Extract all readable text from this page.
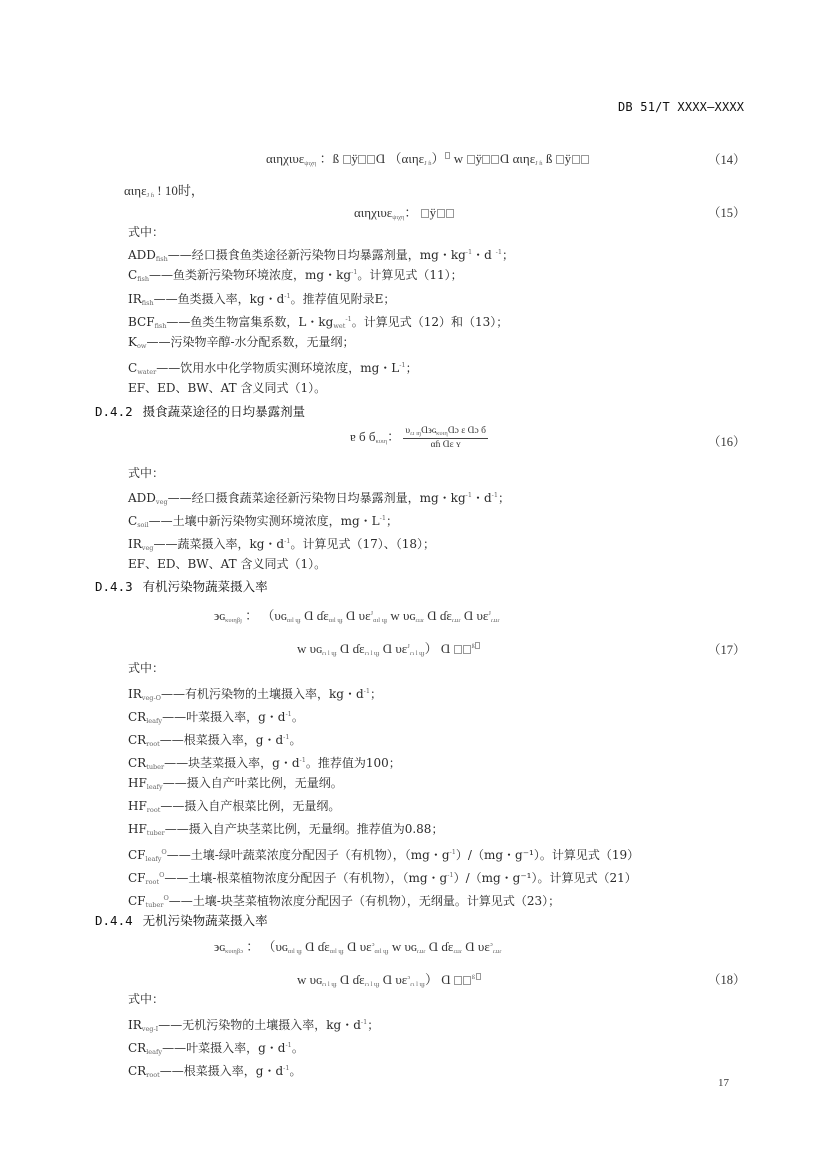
DB 51/T XXXX—XXXX
αιηχιυε$_{\psi\iota\chi\eta}$ ：ß ÿ Ɑ （αιηε$_{J ɦ}$） w ÿ Ɑ αιηε$_{J ɦ}$ ß ÿ	（14）
αιηε$_{J ɦ}$ ! 10时，
αιηχιυε$_{\psi\iota\chi\eta}$： ÿ	（15）
式中：
$ADD_{fish}——$经口摄食鱼类途径新污染物日均暴露剂量，mg・$kg^{-1}$・d $^{-1}$；
$C_{fish}——$鱼类新污染物环境浓度，mg・$kg^{-1}$。计算见式（11）；
$IR_{fish}——$鱼类摄入率，kg・$d^{-1}$。推荐值见附录E；
$BCF_{fish}——$鱼类生物富集系数，L・$kg_{wet}^{-1}$。计算见式（12）和（13）；
$K_{ow}——$污染物辛醇-水分配系数，无量纲；
$C_{water}——$饮用水中化学物质实测环境浓度，mg・$L^{-1}$；
EF、ED、BW、AT 含义同式（1）。
D.4.2 摄食蔬菜途径的日均暴露剂量
ɐ б $б_{\kappa\upsilon\iota\eta}$： $\frac{\upsilon_{ɾɹ ɪŋ}Ɑ϶ɢ_{\kappa\upsilon\iota\eta}Ɑɔ ɛ Ɑɔ б}{\text{αɦ Ɑε ʏ}}$	（16）
式中：
$ADD_{veg}——$经口摄食蔬菜途径新污染物日均暴露剂量，mg・$kg^{-1}$・$d^{-1}$；
$C_{soil}——$土壤中新污染物实测环境浓度，mg・$L^{-1}$；
$IR_{veg}——$蔬菜摄入率，kg・$d^{-1}$。计算见式（17）、（18）；
EF、ED、BW、AT 含义同式（1）。
D.4.3 有机污染物蔬菜摄入率
϶ɢ$_{\kappa\upsilon\iota\eta\beta ȷ}$ ： （υɢ$_{ɑɪl ɥɟ}$ Ɑ ɗɛ$_{ɑɪl ɥɟ}$ Ɑ υɛ$^J_{ɑɪl ɥɟ}$ w υɢ$_{ɾɹɹɾ}$ Ɑ ɗɛ$_{ɾɹɹɾ}$ Ɑ υɛ$^J_{ɾɹɹɾ}$
w υɢ$_{ɾɿ l ɥɟ}$ Ɑ ɗɛ$_{ɾɿ l ɥɟ}$ Ɑ υɛ$^J_{ɾɿ l ɥɟ}$） Ɑ	$^ß$	（17）
式中：
$IR_{veg-O}——$有机污染物的土壤摄入率，kg・$d^{-1}$；
$CR_{leafy}——$叶菜摄入率，g・$d^{-1}$。
$CR_{root}——$根菜摄入率，g・$d^{-1}$。
$CR_{tuber}——$块茎菜摄入率，g・$d^{-1}$。推荐值为100；
$HF_{leafy}——$摄入自产叶菜比例，无量纲。
$HF_{root}——$摄入自产根菜比例，无量纲。
$HF_{tuber}——$摄入自产块茎菜比例，无量纲。推荐值为0.88；
$CF_{leafy}^O——$土壤-绿叶蔬菜浓度分配因子（有机物），（mg・$g^{-1})/(mg$・g⁻¹）。计算见式（19）
$CF_{root}^O——$土壤-根菜植物浓度分配因子（有机物），（mg・$g^{-1})/(mg$・g⁻¹）。计算见式（21）
$CF_{tuber}^O——$土壤-块茎菜植物浓度分配因子（有机物），无纲量。计算见式（23）；
D.4.4 无机污染物蔬菜摄入率
϶ɢ$_{\kappa\upsilon\iota\eta\beta ɔ}$ ： （υɢ$_{ɑɪl ɥɟ}$ Ɑ ɗɛ$_{ɑɪl ɥɟ}$ Ɑ υɛ$^ɔ_{ɑɪl ɥɟ}$ w υɢ$_{ɾɹɹɾ}$ Ɑ ɗɛ$_{ɾɹɹɾ}$ Ɑ υɛ$^ɔ_{ɾɹɹɾ}$
w υɢ$_{ɾɿ l ɥɟ}$ Ɑ ɗɛ$_{ɾɿ l ɥɟ}$ Ɑ υɛ$^ɔ_{ɾɿ l ɥɟ}$） Ɑ	$^ß$	（18）
式中：
$IR_{veg-I}——$无机污染物的土壤摄入率，kg・$d^{-1}$；
$CR_{leafy}——$叶菜摄入率，g・$d^{-1}$。
$CR_{root}——$根菜摄入率，g・$d^{-1}$。
17
